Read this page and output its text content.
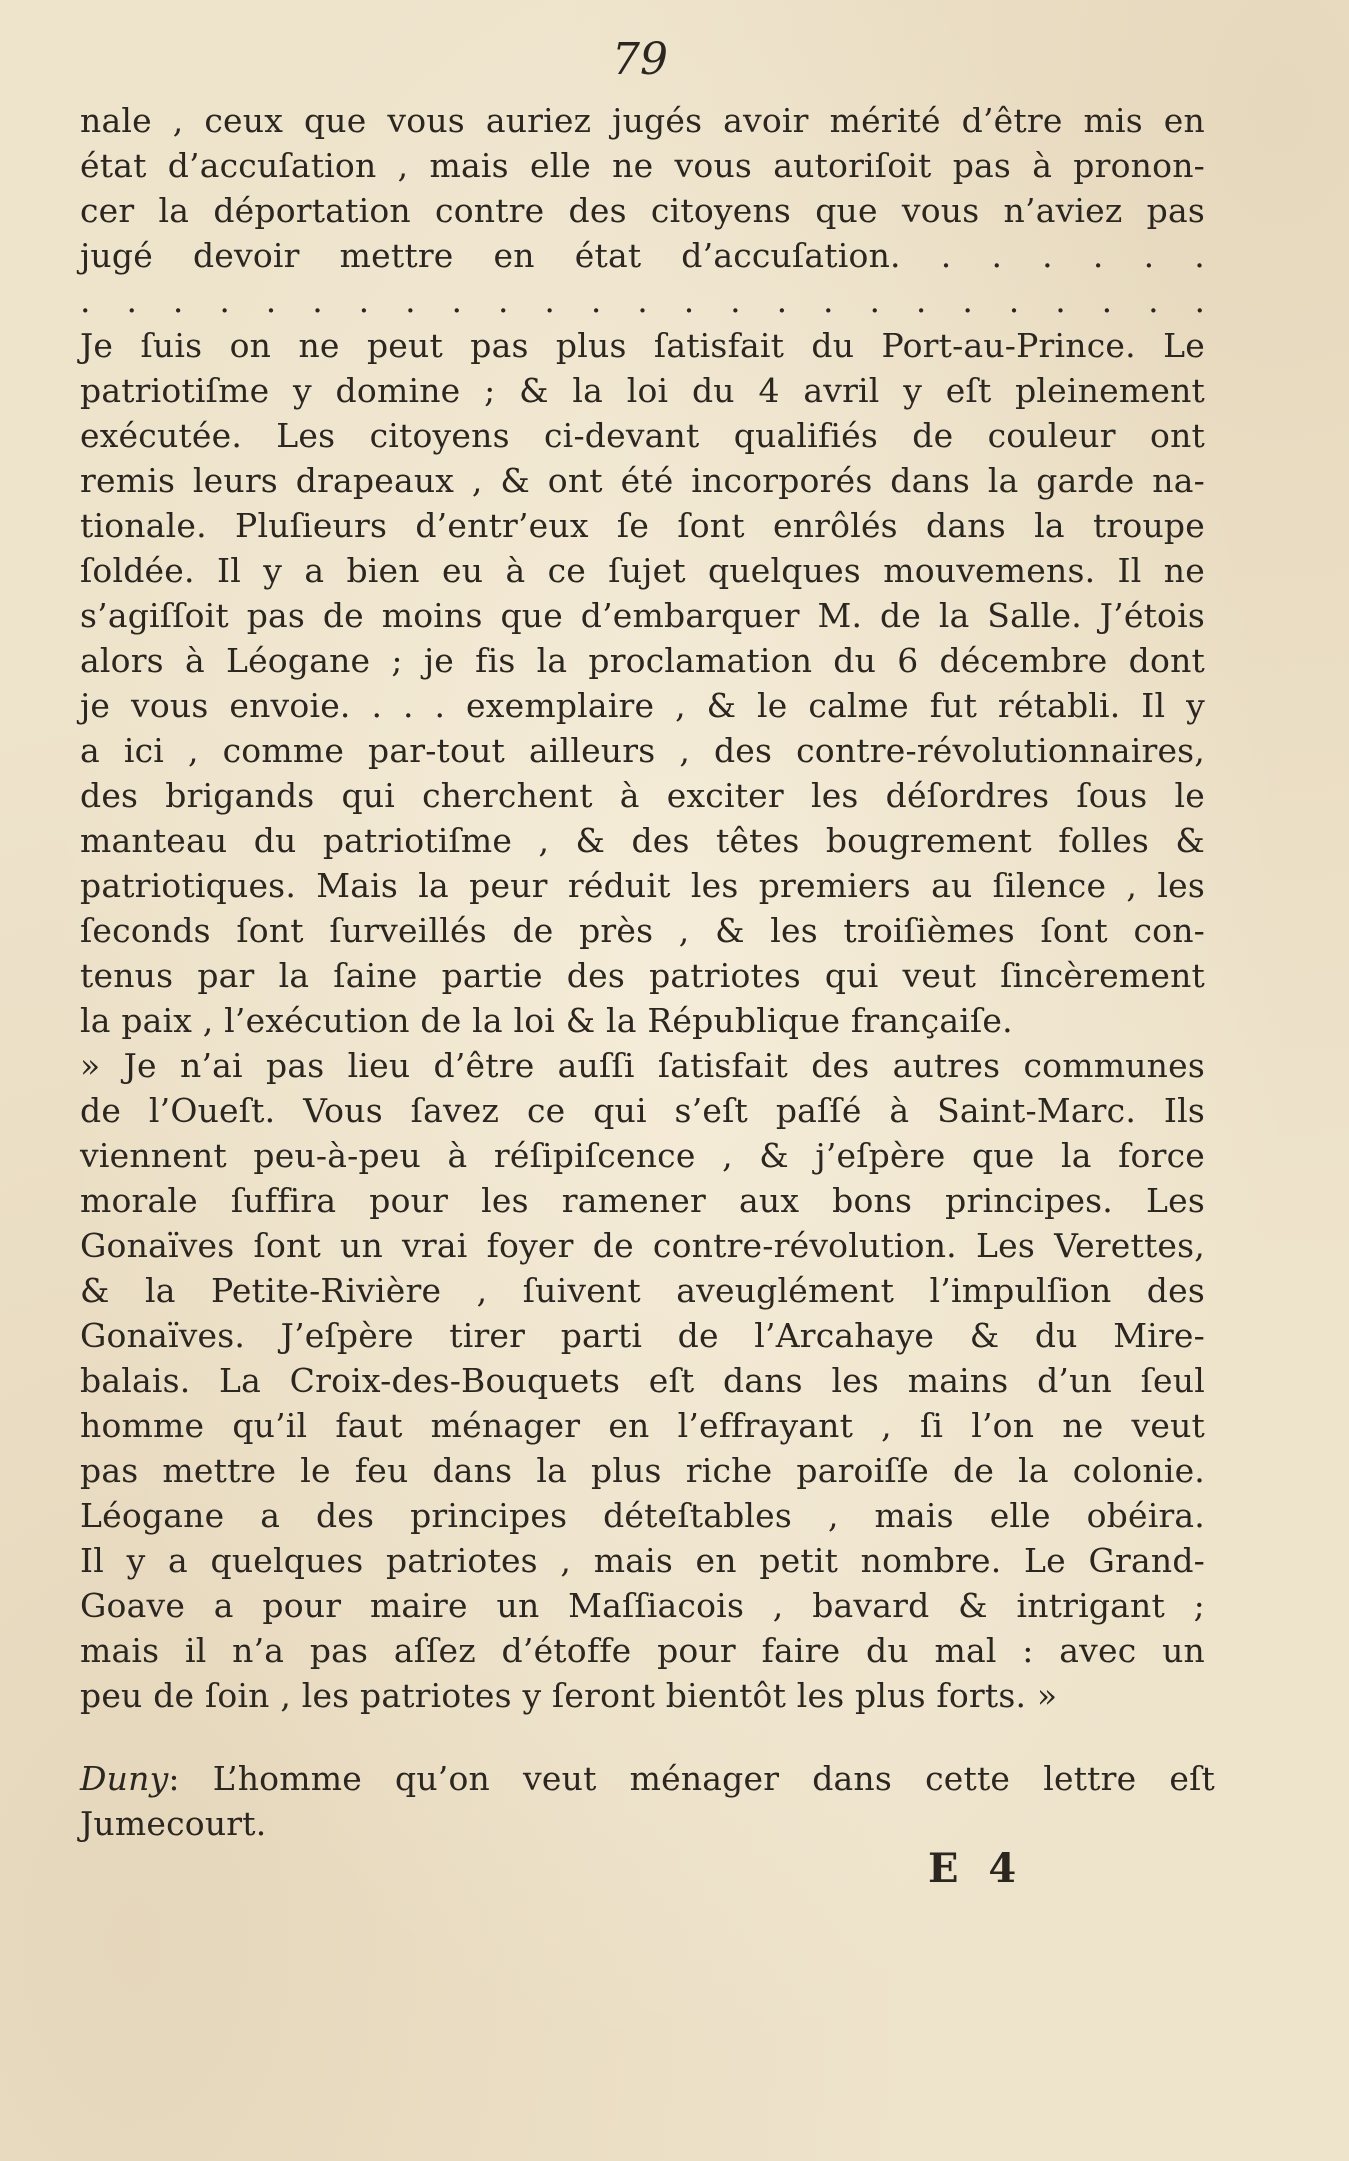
79
nale , ceux que vous auriez jugés avoir mérité d’être mis en
état d’accuſation , mais elle ne vous autoriſoit pas à pronon-
cer la déportation contre des citoyens que vous n’aviez pas
jugé devoir mettre en état d’accuſation. . . . . . .
. . . . . . . . . . . . . . . . . . . . . . . . .
Je ſuis on ne peut pas plus ſatisfait du Port-au-Prince. Le
patriotiſme y domine ; & la loi du 4 avril y eſt pleinement
exécutée. Les citoyens ci-devant qualifiés de couleur ont
remis leurs drapeaux , & ont été incorporés dans la garde na-
tionale. Pluſieurs d’entr’eux ſe ſont enrôlés dans la troupe
ſoldée. Il y a bien eu à ce ſujet quelques mouvemens. Il ne
s’agiſſoit pas de moins que d’embarquer M. de la Salle. J’étois
alors à Léogane ; je fis la proclamation du 6 décembre dont
je vous envoie. . . . exemplaire , & le calme fut rétabli. Il y
a ici , comme par-tout ailleurs , des contre-révolutionnaires,
des brigands qui cherchent à exciter les déſordres ſous le
manteau du patriotiſme , & des têtes bougrement folles &
patriotiques. Mais la peur réduit les premiers au ſilence , les
ſeconds ſont ſurveillés de près , & les troiſièmes ſont con-
tenus par la ſaine partie des patriotes qui veut ſincèrement
la paix , l’exécution de la loi & la République françaiſe.
» Je n’ai pas lieu d’être auſſi ſatisfait des autres communes
de l’Oueſt. Vous ſavez ce qui s’eſt paſſé à Saint-Marc. Ils
viennent peu-à-peu à réſipiſcence , & j’eſpère que la force
morale ſuffira pour les ramener aux bons principes. Les
Gonaïves ſont un vrai foyer de contre-révolution. Les Verettes,
& la Petite-Rivière , ſuivent aveuglément l’impulſion des
Gonaïves. J’eſpère tirer parti de l’Arcahaye & du Mire-
balais. La Croix-des-Bouquets eſt dans les mains d’un ſeul
homme qu’il faut ménager en l’effrayant , ſi l’on ne veut
pas mettre le feu dans la plus riche paroiſſe de la colonie.
Léogane a des principes déteſtables , mais elle obéira.
Il y a quelques patriotes , mais en petit nombre. Le Grand-
Goave a pour maire un Maſſiacois , bavard & intrigant ;
mais il n’a pas aſſez d’étoffe pour faire du mal : avec un
peu de ſoin , les patriotes y ſeront bientôt les plus forts. »
Duny: L’homme qu’on veut ménager dans cette lettre eſt
Jumecourt.
E 4
